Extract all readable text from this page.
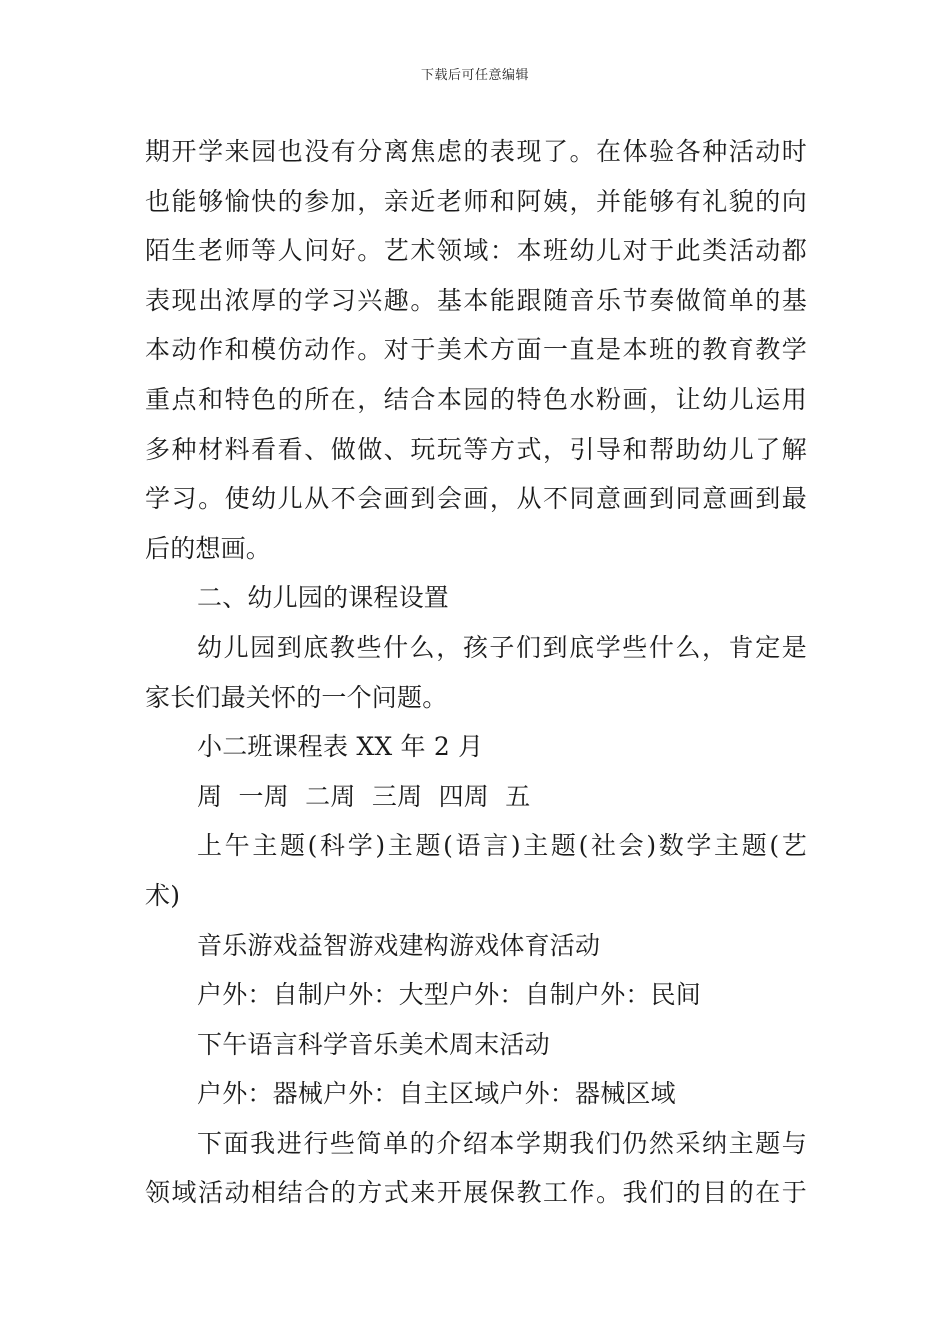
下载后可任意编辑
期开学来园也没有分离焦虑的表现了。在体验各种活动时
也能够愉快的参加，亲近老师和阿姨，并能够有礼貌的向
陌生老师等人问好。艺术领域：本班幼儿对于此类活动都
表现出浓厚的学习兴趣。基本能跟随音乐节奏做简单的基
本动作和模仿动作。对于美术方面一直是本班的教育教学
重点和特色的所在，结合本园的特色水粉画，让幼儿运用
多种材料看看、做做、玩玩等方式，引导和帮助幼儿了解
学习。使幼儿从不会画到会画，从不同意画到同意画到最
后的想画。
二、幼儿园的课程设置
幼儿园到底教些什么，孩子们到底学些什么，肯定是
家长们最关怀的一个问题。
小二班课程表 XX 年 2 月
周  一周  二周  三周  四周  五
上午主题(科学)主题(语言)主题(社会)数学主题(艺
术)
音乐游戏益智游戏建构游戏体育活动
户外：自制户外：大型户外：自制户外：民间
下午语言科学音乐美术周末活动
户外：器械户外：自主区域户外：器械区域
下面我进行些简单的介绍本学期我们仍然采纳主题与
领域活动相结合的方式来开展保教工作。我们的目的在于
